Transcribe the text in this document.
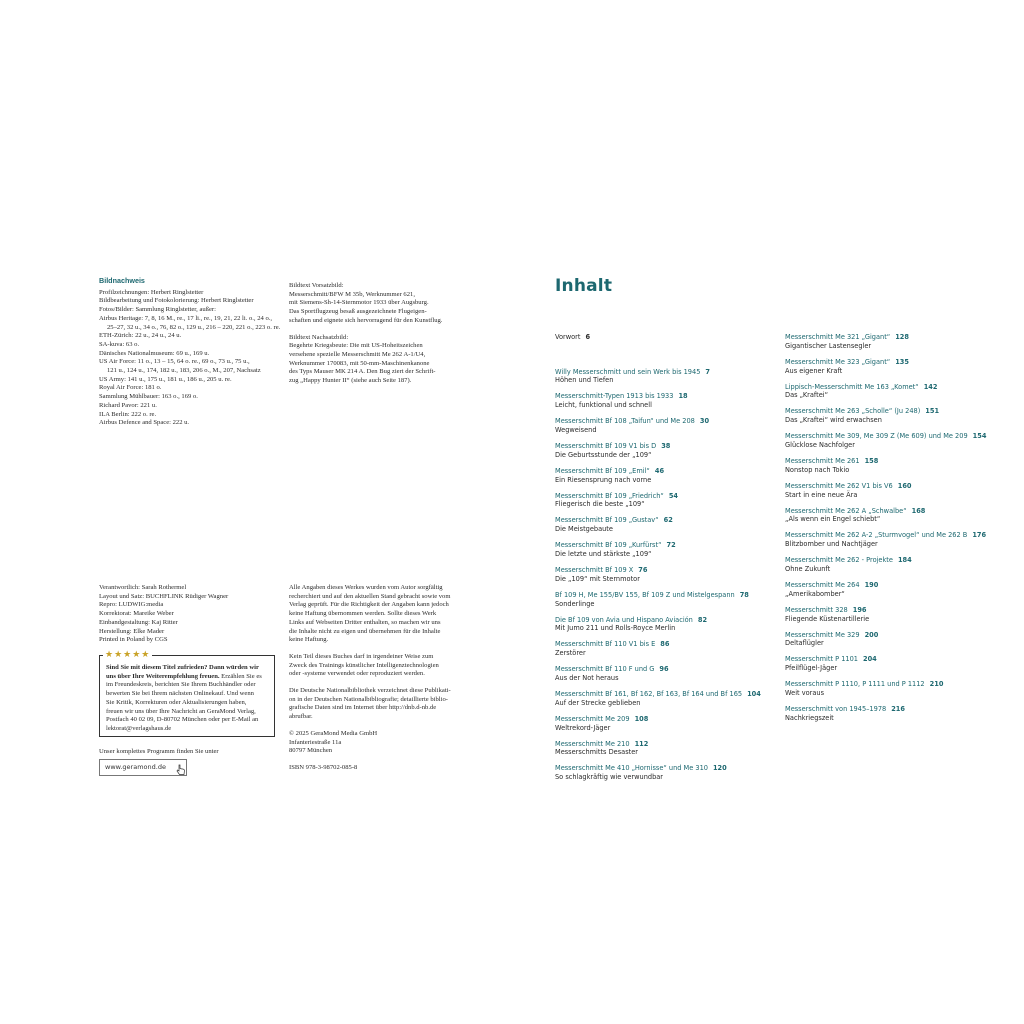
Bildnachweis
Profilzeichnungen: Herbert Ringlstetter
Bildbearbeitung und Fotokolorierung: Herbert Ringlstetter
Fotos/Bilder: Sammlung Ringlstetter, außer:
Airbus Heritage: 7, 8, 16 M., re., 17 li., re., 19, 21, 22 li. o., 24 o.,
25–27, 32 u., 34 o., 76, 82 o., 129 u., 216 – 220, 221 o., 223 o. re.
ETH-Zürich: 22 u., 24 u., 24 u.
SA-kuva: 63 o.
Dänisches Nationalmuseum: 69 u., 169 u.
US Air Force: 11 o., 13 – 15, 64 o. re., 69 o., 73 u., 75 u.,
121 u., 124 u., 174, 182 u., 183, 206 o., M., 207, Nachsatz
US Army: 141 u., 175 u., 181 u., 186 u., 205 u. re.
Royal Air Force: 181 o.
Sammlung Mühlbauer: 163 o., 169 o.
Richard Pavor: 221 u.
ILA Berlin: 222 o. re.
Airbus Defence and Space: 222 u.
Bildtext Vorsatzbild:
Messerschmitt/BFW M 35b, Werknummer 621,
mit Siemens-Sh-14-Sternmotor 1933 über Augsburg.
Das Sportflugzeug besaß ausgezeichnete Flugeigen-
schaften und eignete sich hervorragend für den Kunstflug.
Bildtext Nachsatzbild:
Begehrte Kriegsbeute: Die mit US-Hoheitszeichen
versehene spezielle Messerschmitt Me 262 A-1/U4,
Werknummer 170083, mit 50-mm-Maschinenkanone
des Typs Mauser MK 214 A. Den Bug ziert der Schrift-
zug „Happy Hunter II“ (siehe auch Seite 187).
Verantwortlich: Sarah Rothermel
Layout und Satz: BUCHFLINK Rüdiger Wagner
Repro: LUDWIG:media
Korrektorat: Mareike Weber
Einbandgestaltung: Kaj Ritter
Herstellung: Elke Mader
Printed in Poland by CGS
★★★★★
Sind Sie mit diesem Titel zufrieden? Dann würden wir
uns über Ihre Weiterempfehlung freuen. Erzählen Sie es
im Freundeskreis, berichten Sie Ihrem Buchhändler oder
bewerten Sie bei Ihrem nächsten Onlinekauf. Und wenn
Sie Kritik, Korrekturen oder Aktualisierungen haben,
freuen wir uns über Ihre Nachricht an GeraMond Verlag,
Postfach 40 02 09, D-80702 München oder per E-Mail an
lektorat@verlagshaus.de
Unser komplettes Programm finden Sie unter
www.geramond.de
Alle Angaben dieses Werkes wurden vom Autor sorgfältig
recherchiert und auf den aktuellen Stand gebracht sowie vom
Verlag geprüft. Für die Richtigkeit der Angaben kann jedoch
keine Haftung übernommen werden. Sollte dieses Werk
Links auf Webseiten Dritter enthalten, so machen wir uns
die Inhalte nicht zu eigen und übernehmen für die Inhalte
keine Haftung.
Kein Teil dieses Buches darf in irgendeiner Weise zum
Zweck des Trainings künstlicher Intelligenztechnologien
oder -systeme verwendet oder reproduziert werden.
Die Deutsche Nationalbibliothek verzeichnet diese Publikati-
on in der Deutschen Nationalbibliografie; detaillierte biblio-
grafische Daten sind im Internet über http://dnb.d-nb.de
abrufbar.
© 2025 GeraMond Media GmbH
Infanteriestraße 11a
80797 München
ISBN 978-3-98702-085-8
Inhalt
Vorwort 6
Willy Messerschmitt und sein Werk bis 1945 7
Höhen und Tiefen
Messerschmitt-Typen 1913 bis 1933 18
Leicht, funktional und schnell
Messerschmitt Bf 108 „Taifun“ und Me 208 30
Wegweisend
Messerschmitt Bf 109 V1 bis D 38
Die Geburtsstunde der „109“
Messerschmitt Bf 109 „Emil“ 46
Ein Riesensprung nach vorne
Messerschmitt Bf 109 „Friedrich“ 54
Fliegerisch die beste „109“
Messerschmitt Bf 109 „Gustav“ 62
Die Meistgebaute
Messerschmitt Bf 109 „Kurfürst“ 72
Die letzte und stärkste „109“
Messerschmitt Bf 109 X 76
Die „109“ mit Sternmotor
Bf 109 H, Me 155/BV 155, Bf 109 Z und Mistelgespann 78
Sonderlinge
Die Bf 109 von Avia und Hispano Aviación 82
Mit Jumo 211 und Rolls-Royce Merlin
Messerschmitt Bf 110 V1 bis E 86
Zerstörer
Messerschmitt Bf 110 F und G 96
Aus der Not heraus
Messerschmitt Bf 161, Bf 162, Bf 163, Bf 164 und Bf 165 104
Auf der Strecke geblieben
Messerschmitt Me 209 108
Weltrekord-Jäger
Messerschmitt Me 210 112
Messerschmitts Desaster
Messerschmitt Me 410 „Hornisse“ und Me 310 120
So schlagkräftig wie verwundbar
Messerschmitt Me 321 „Gigant“ 128
Gigantischer Lastensegler
Messerschmitt Me 323 „Gigant“ 135
Aus eigener Kraft
Lippisch-Messerschmitt Me 163 „Komet“ 142
Das „Kraftei“
Messerschmitt Me 263 „Scholle“ (Ju 248) 151
Das „Kraftei“ wird erwachsen
Messerschmitt Me 309, Me 309 Z (Me 609) und Me 209 154
Glücklose Nachfolger
Messerschmitt Me 261 158
Nonstop nach Tokio
Messerschmitt Me 262 V1 bis V6 160
Start in eine neue Ära
Messerschmitt Me 262 A „Schwalbe“ 168
„Als wenn ein Engel schiebt“
Messerschmitt Me 262 A-2 „Sturmvogel“ und Me 262 B 176
Blitzbomber und Nachtjäger
Messerschmitt Me 262 - Projekte 184
Ohne Zukunft
Messerschmitt Me 264 190
„Amerikabomber“
Messerschmitt 328 196
Fliegende Küstenartillerie
Messerschmitt Me 329 200
Deltaflügler
Messerschmitt P 1101 204
Pfeilflügel-Jäger
Messerschmitt P 1110, P 1111 und P 1112 210
Weit voraus
Messerschmitt von 1945–1978 216
Nachkriegszeit
